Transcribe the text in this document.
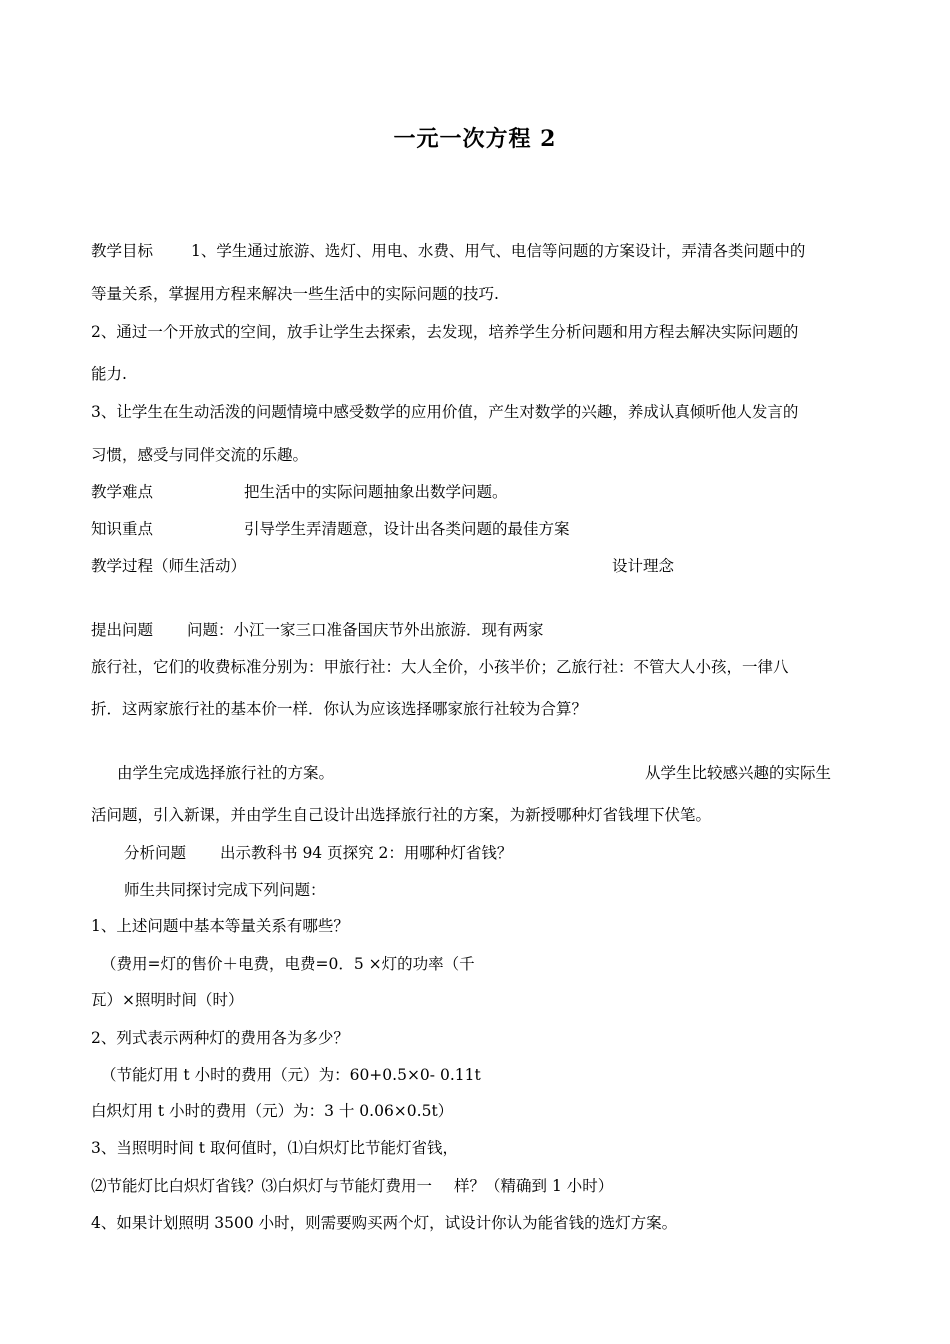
一元一次方程 2
教学目标 1、学生通过旅游、选灯、用电、水费、用气、电信等问题的方案设计，弄清各类问题中的
等量关系，掌握用方程来解决一些生活中的实际问题的技巧.
2、通过一个开放式的空间，放手让学生去探索，去发现，培养学生分析问题和用方程去解决实际问题的
能力.
3、让学生在生动活泼的问题情境中感受数学的应用价值，产生对数学的兴趣，养成认真倾听他人发言的
习惯，感受与同伴交流的乐趣。
教学难点	把生活中的实际问题抽象出数学问题。
知识重点	引导学生弄清题意，设计出各类问题的最佳方案
教学过程（师生活动）	设计理念
提出问题 问题：小江一家三口准备国庆节外出旅游．现有两家
旅行社，它们的收费标准分别为：甲旅行社：大人全价，小孩半价；乙旅行社：不管大人小孩，一律八
折．这两家旅行社的基本价一样．你认为应该选择哪家旅行社较为合算？
由学生完成选择旅行社的方案。	从学生比较感兴趣的实际生
活问题，引入新课，并由学生自己设计出选择旅行社的方案，为新授哪种灯省钱埋下伏笔。
分析问题 出示教科书 94 页探究 2：用哪种灯省钱？
师生共同探讨完成下列问题：
1、上述问题中基本等量关系有哪些？
（费用=灯的售价＋电费，电费=0．5 ×灯的功率（千
瓦）×照明时间（时）
2、列式表示两种灯的费用各为多少？
（节能灯用 t 小时的费用（元）为：60+0.5×0- 0.11t
白炽灯用 t 小时的费用（元）为：3 十 0.06×0.5t）
3、当照明时间 t 取何值时，⑴白炽灯比节能灯省钱，
⑵节能灯比白炽灯省钱？⑶白炽灯与节能灯费用一 样？（精确到 1 小时）
4、如果计划照明 3500 小时，则需要购买两个灯，试设计你认为能省钱的选灯方案。
